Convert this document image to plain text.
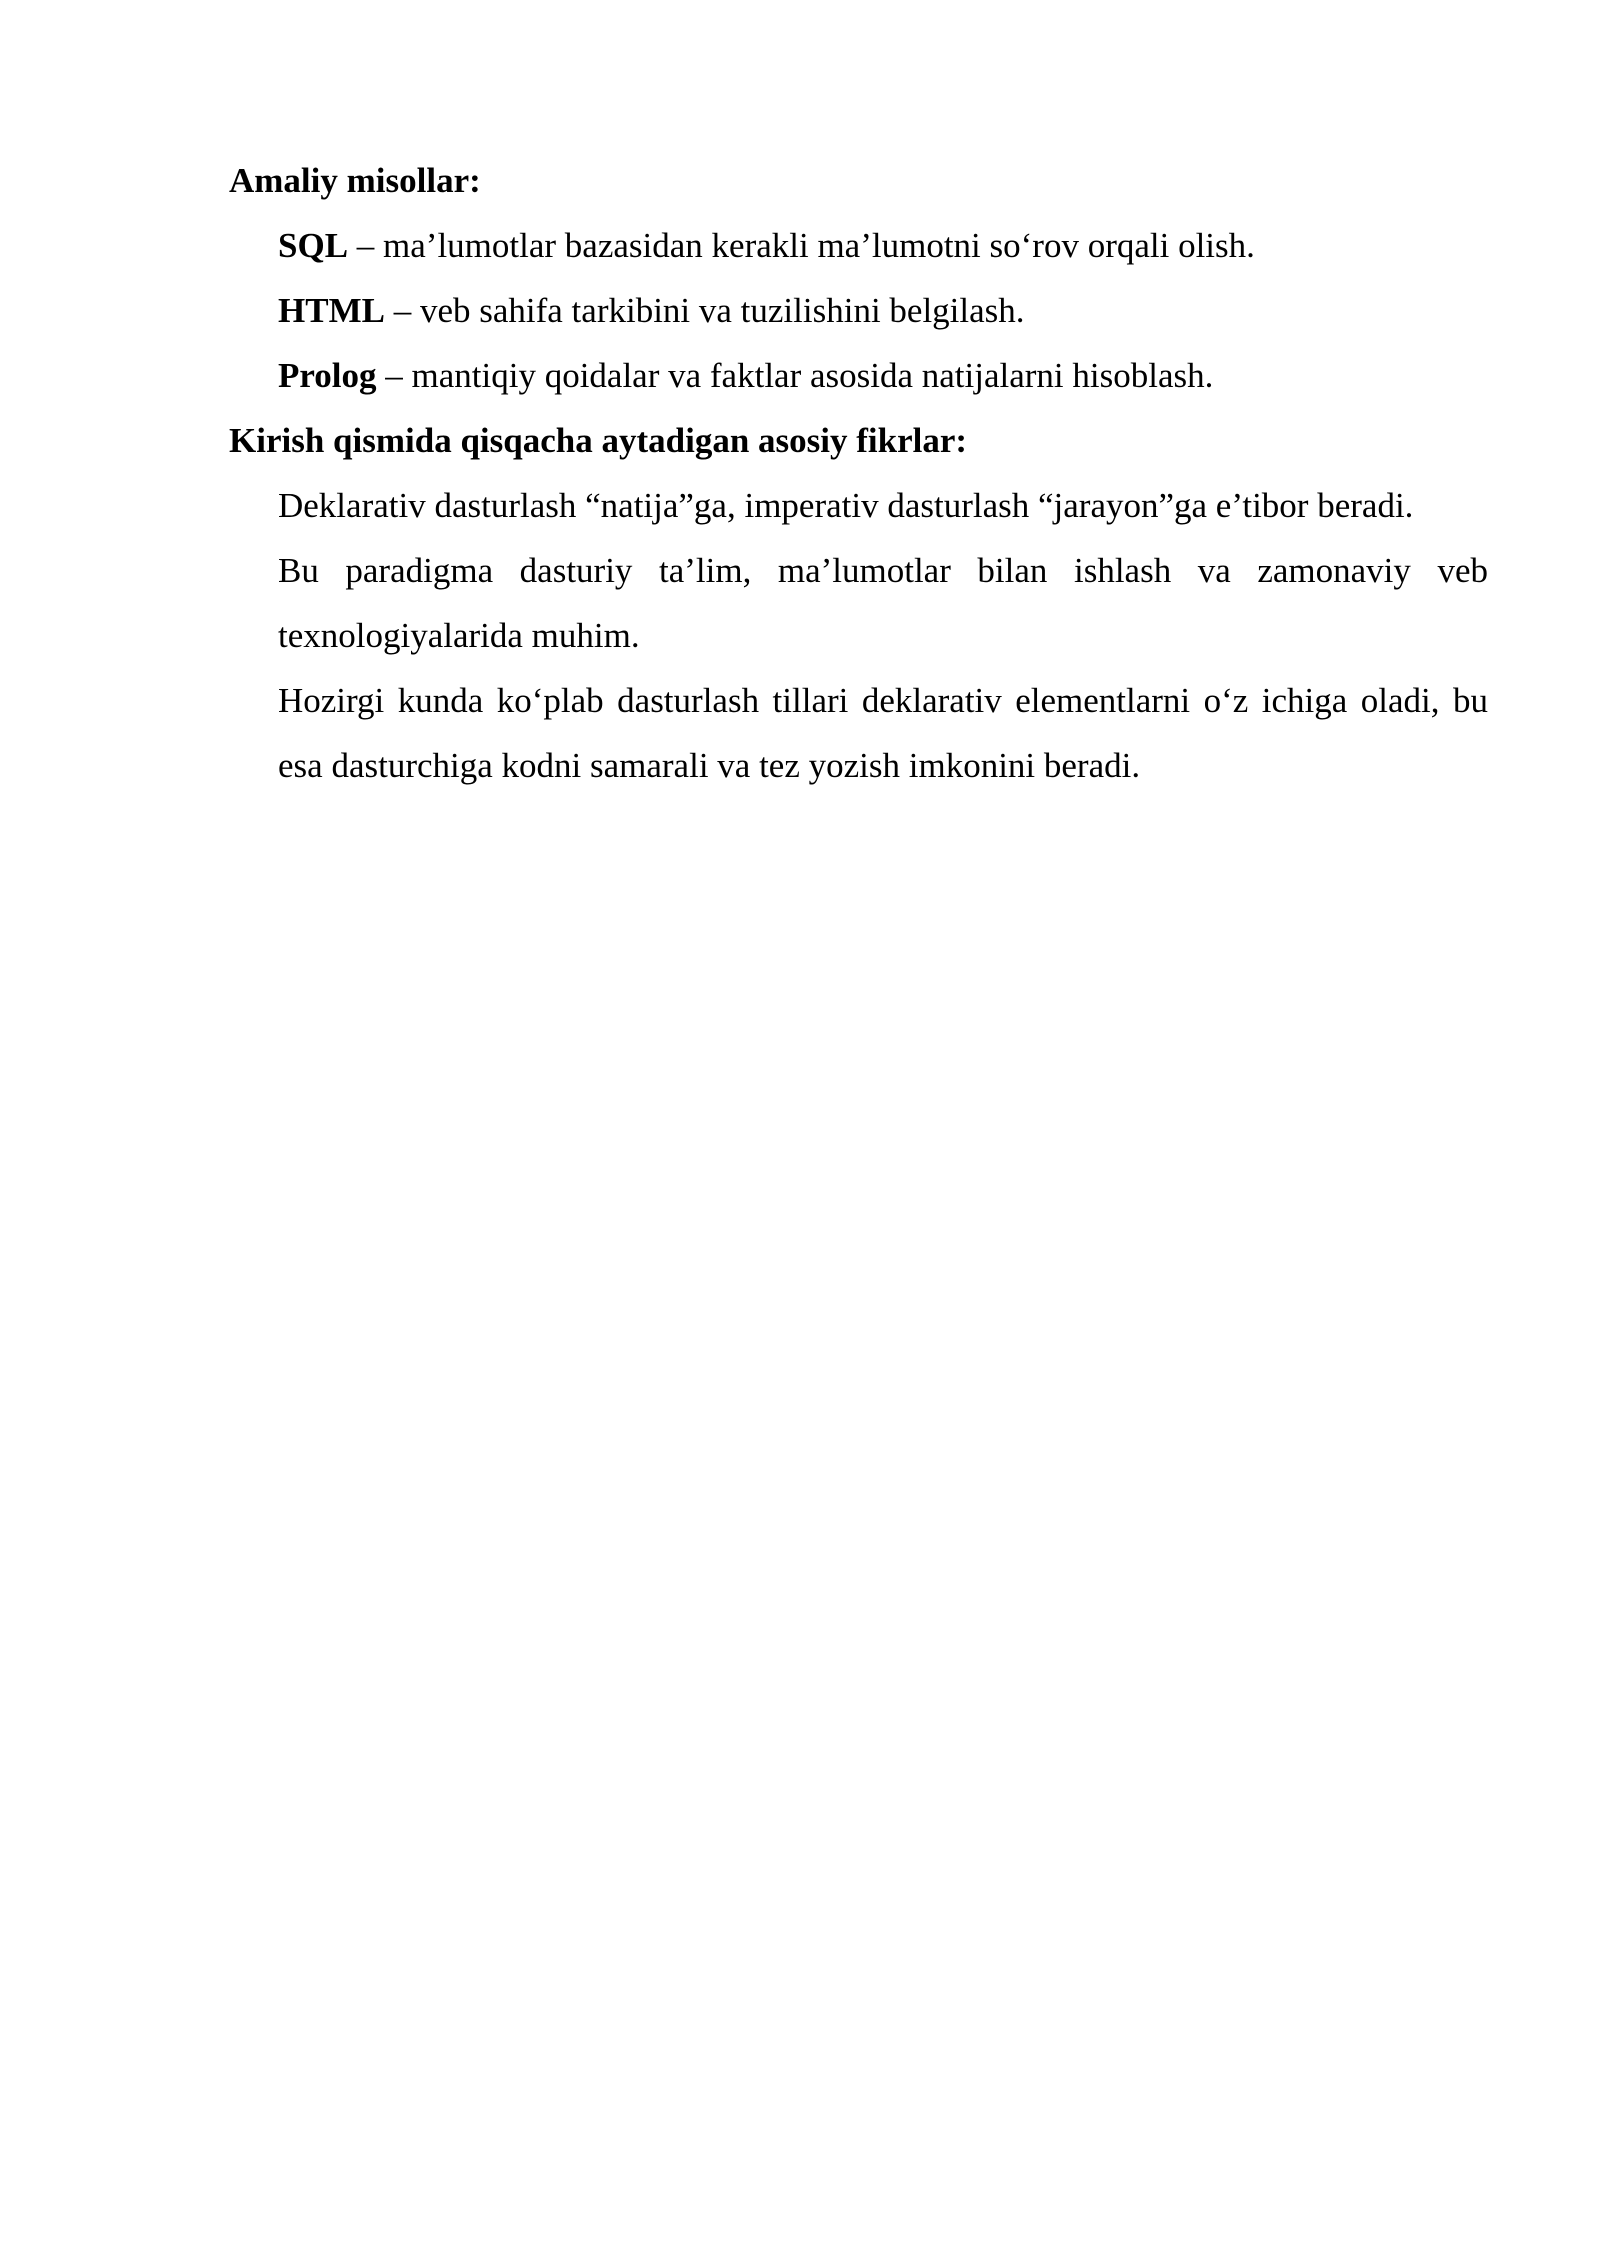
Amaliy misollar:

SQL – ma’lumotlar bazasidan kerakli ma’lumotni so‘rov orqali olish.

HTML – veb sahifa tarkibini va tuzilishini belgilash.

Prolog – mantiqiy qoidalar va faktlar asosida natijalarni hisoblash.

Kirish qismida qisqacha aytadigan asosiy fikrlar:

Deklarativ dasturlash “natija”ga, imperativ dasturlash “jarayon”ga e’tibor beradi.

Bu paradigma dasturiy ta’lim, ma’lumotlar bilan ishlash va zamonaviy veb texnologiyalarida muhim.

Hozirgi kunda ko‘plab dasturlash tillari deklarativ elementlarni o‘z ichiga oladi, bu esa dasturchiga kodni samarali va tez yozish imkonini beradi.
